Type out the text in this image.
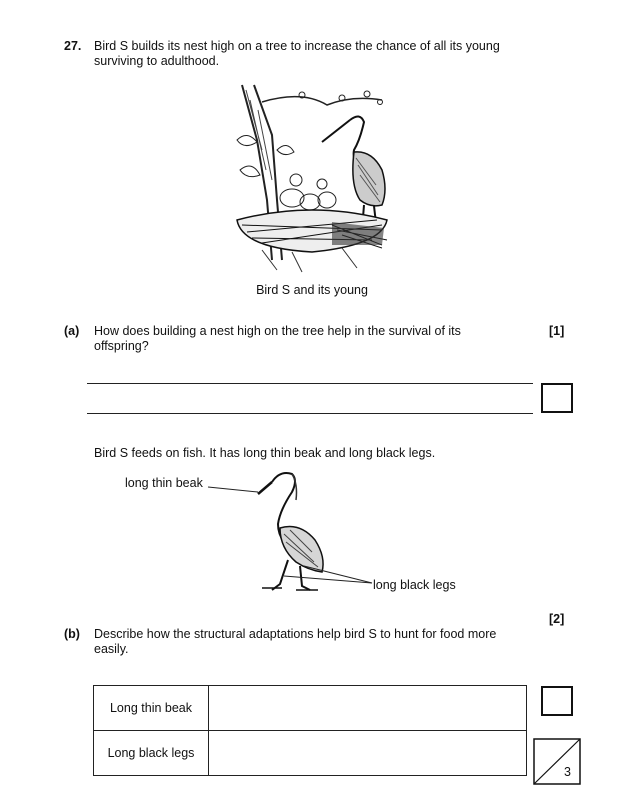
27. Bird S builds its nest high on a tree to increase the chance of all its young
surviving to adulthood.
Bird S and its young
(a) How does building a nest high on the tree help in the survival of its
offspring?
[1]
Bird S feeds on fish. It has long thin beak and long black legs.
long thin beak
long black legs
[2]
(b) Describe how the structural adaptations help bird S to hunt for food more
easily.
Long thin beak	
Long black legs	
3
